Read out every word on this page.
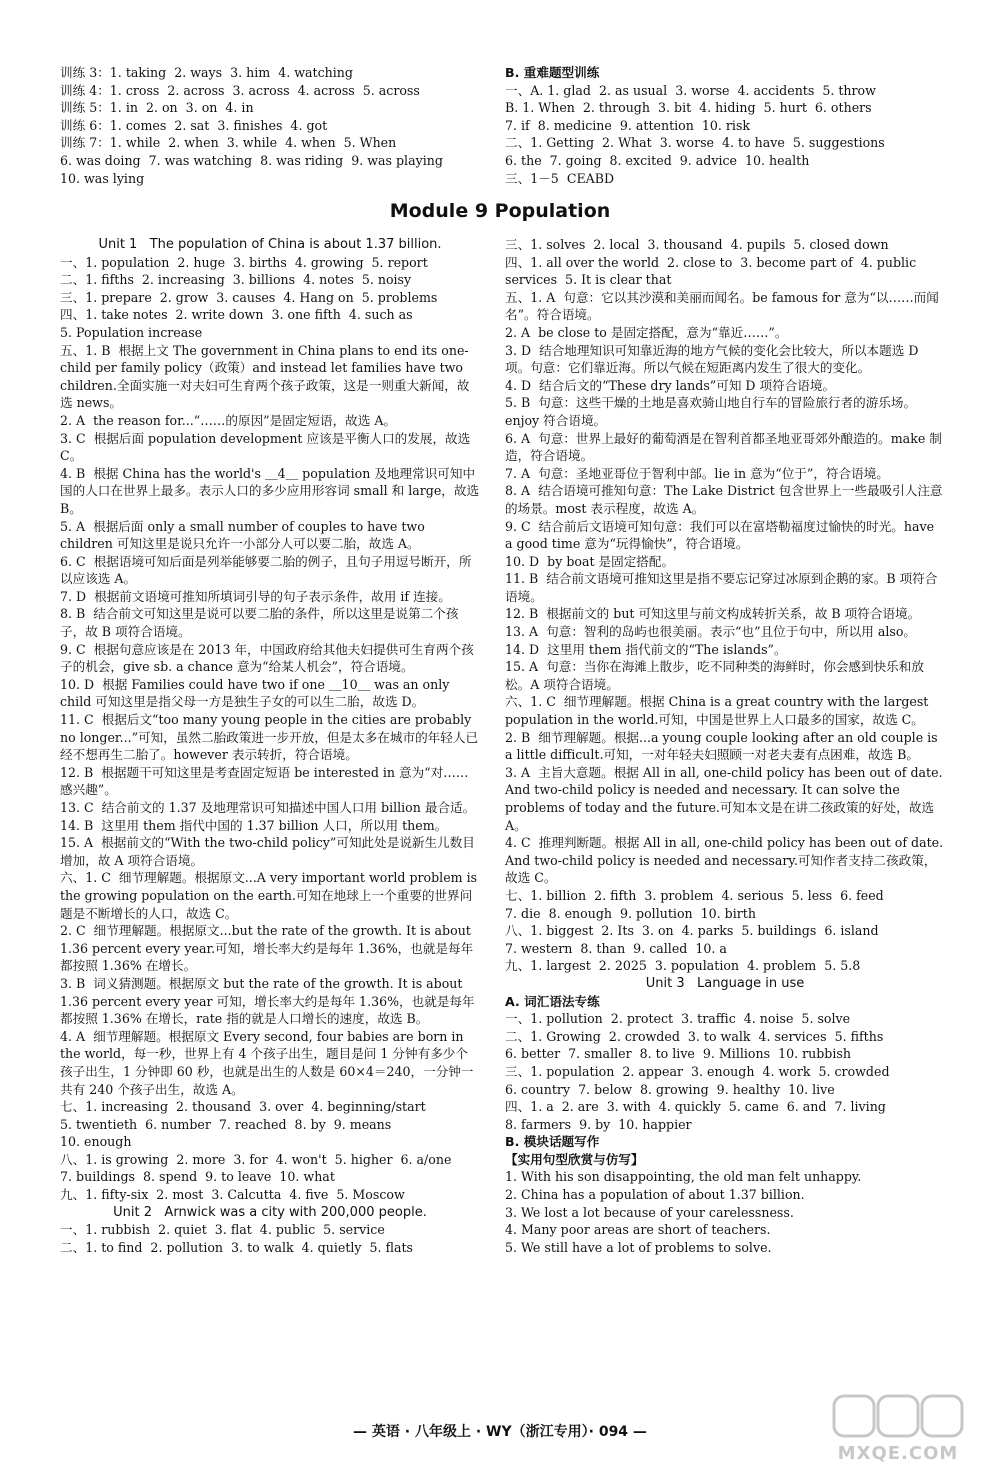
训练 3：1. taking  2. ways  3. him  4. watching

训练 4：1. cross  2. across  3. across  4. across  5. across

训练 5：1. in  2. on  3. on  4. in

训练 6：1. comes  2. sat  3. finishes  4. got

训练 7：1. while  2. when  3. while  4. when  5. When

6. was doing  7. was watching  8. was riding  9. was playing

10. was lying

B. 重难题型训练

一、A. 1. glad  2. as usual  3. worse  4. accidents  5. throw

B. 1. When  2. through  3. bit  4. hiding  5. hurt  6. others

7. if  8. medicine  9. attention  10. risk

二、1. Getting  2. What  3. worse  4. to have  5. suggestions

6. the  7. going  8. excited  9. advice  10. health

三、1－5  CEABD

Module 9 Population

Unit 1   The population of China is about 1.37 billion.

一、1. population  2. huge  3. births  4. growing  5. report

二、1. fifths  2. increasing  3. billions  4. notes  5. noisy

三、1. prepare  2. grow  3. causes  4. Hang on  5. problems

四、1. take notes  2. write down  3. one fifth  4. such as

5. Population increase

五、1. B  根据上文 The government in China plans to end its one-child per family policy（政策）and instead let families have two children.全面实施一对夫妇可生育两个孩子政策，这是一则重大新闻，故选 news。

2. A  the reason for...“……的原因”是固定短语，故选 A。

3. C  根据后面 population development 应该是平衡人口的发展，故选 C。

4. B  根据 China has the world's ＿4＿ population 及地理常识可知中国的人口在世界上最多。表示人口的多少应用形容词 small 和 large，故选 B。

5. A  根据后面 only a small number of couples to have two children 可知这里是说只允许一小部分人可以要二胎，故选 A。

6. C  根据语境可知后面是列举能够要二胎的例子，且句子用逗号断开，所以应该选 A。

7. D  根据前文语境可推知所填词引导的句子表示条件，故用 if 连接。

8. B  结合前文可知这里是说可以要二胎的条件，所以这里是说第二个孩子，故 B 项符合语境。

9. C  根据句意应该是在 2013 年，中国政府给其他夫妇提供可生育两个孩子的机会，give sb. a chance 意为“给某人机会”，符合语境。

10. D  根据 Families could have two if one ＿10＿ was an only child 可知这里是指父母一方是独生子女的可以生二胎，故选 D。

11. C  根据后文“too many young people in the cities are probably no longer...”可知，虽然二胎政策进一步开放，但是太多在城市的年轻人已经不想再生二胎了。however 表示转折，符合语境。

12. B  根据题干可知这里是考查固定短语 be interested in 意为“对……感兴趣”。

13. C  结合前文的 1.37 及地理常识可知描述中国人口用 billion 最合适。

14. B  这里用 them 指代中国的 1.37 billion 人口，所以用 them。

15. A  根据前文的“With the two-child policy”可知此处是说新生儿数目增加，故 A 项符合语境。

六、1. C  细节理解题。根据原文...A very important world problem is the growing population on the earth.可知在地球上一个重要的世界问题是不断增长的人口，故选 C。

2. C  细节理解题。根据原文...but the rate of the growth. It is about 1.36 percent every year.可知，增长率大约是每年 1.36%，也就是每年都按照 1.36% 在增长。

3. B  词义猜测题。根据原文 but the rate of the growth. It is about 1.36 percent every year 可知，增长率大约是每年 1.36%，也就是每年都按照 1.36% 在增长，rate 指的就是人口增长的速度，故选 B。

4. A  细节理解题。根据原文 Every second, four babies are born in the world，每一秒，世界上有 4 个孩子出生，题目是问 1 分钟有多少个孩子出生，1 分钟即 60 秒，也就是出生的人数是 60×4＝240，一分钟一共有 240 个孩子出生，故选 A。

七、1. increasing  2. thousand  3. over  4. beginning/start

5. twentieth  6. number  7. reached  8. by  9. means

10. enough

八、1. is growing  2. more  3. for  4. won't  5. higher  6. a/one

7. buildings  8. spend  9. to leave  10. what

九、1. fifty-six  2. most  3. Calcutta  4. five  5. Moscow

Unit 2   Arnwick was a city with 200,000 people.

一、1. rubbish  2. quiet  3. flat  4. public  5. service

二、1. to find  2. pollution  3. to walk  4. quietly  5. flats

三、1. solves  2. local  3. thousand  4. pupils  5. closed down

四、1. all over the world  2. close to  3. become part of  4. public services  5. It is clear that

五、1. A  句意：它以其沙漠和美丽而闻名。be famous for 意为“以……而闻名”。符合语境。

2. A  be close to 是固定搭配，意为“靠近……”。

3. D  结合地理知识可知靠近海的地方气候的变化会比较大，所以本题选 D 项。句意：它们靠近海。所以气候在短距离内发生了很大的变化。

4. D  结合后文的“These dry lands”可知 D 项符合语境。

5. B  句意：这些干燥的土地是喜欢骑山地自行车的冒险旅行者的游乐场。enjoy 符合语境。

6. A  句意：世界上最好的葡萄酒是在智利首都圣地亚哥郊外酿造的。make 制造，符合语境。

7. A  句意：圣地亚哥位于智利中部。lie in 意为“位于”，符合语境。

8. A  结合语境可推知句意：The Lake District 包含世界上一些最吸引人注意的场景。most 表示程度，故选 A。

9. C  结合前后文语境可知句意：我们可以在富塔勒福度过愉快的时光。have a good time 意为“玩得愉快”，符合语境。

10. D  by boat 是固定搭配。

11. B  结合前文语境可推知这里是指不要忘记穿过冰原到企鹅的家。B 项符合语境。

12. B  根据前文的 but 可知这里与前文构成转折关系，故 B 项符合语境。

13. A  句意：智利的岛屿也很美丽。表示“也”且位于句中，所以用 also。

14. D  这里用 them 指代前文的“The islands”。

15. A  句意：当你在海滩上散步，吃不同种类的海鲜时，你会感到快乐和放松。A 项符合语境。

六、1. C  细节理解题。根据 China is a great country with the largest population in the world.可知，中国是世界上人口最多的国家，故选 C。

2. B  细节理解题。根据...a young couple looking after an old couple is a little difficult.可知，一对年轻夫妇照顾一对老夫妻有点困难，故选 B。

3. A  主旨大意题。根据 All in all, one-child policy has been out of date. And two-child policy is needed and necessary. It can solve the problems of today and the future.可知本文是在讲二孩政策的好处，故选 A。

4. C  推理判断题。根据 All in all, one-child policy has been out of date. And two-child policy is needed and necessary.可知作者支持二孩政策，故选 C。

七、1. billion  2. fifth  3. problem  4. serious  5. less  6. feed

7. die  8. enough  9. pollution  10. birth

八、1. biggest  2. Its  3. on  4. parks  5. buildings  6. island

7. western  8. than  9. called  10. a

九、1. largest  2. 2025  3. population  4. problem  5. 5.8

Unit 3   Language in use

A. 词汇语法专练

一、1. pollution  2. protect  3. traffic  4. noise  5. solve

二、1. Growing  2. crowded  3. to walk  4. services  5. fifths

6. better  7. smaller  8. to live  9. Millions  10. rubbish

三、1. population  2. appear  3. enough  4. work  5. crowded

6. country  7. below  8. growing  9. healthy  10. live

四、1. a  2. are  3. with  4. quickly  5. came  6. and  7. living

8. farmers  9. by  10. happier

B. 模块话题写作

【实用句型欣赏与仿写】

1. With his son disappointing, the old man felt unhappy.

2. China has a population of about 1.37 billion.

3. We lost a lot because of your carelessness.

4. Many poor areas are short of teachers.

5. We still have a lot of problems to solve.

— 英语 · 八年级上 · WY（浙江专用）· 094 —
MXQE.COM
